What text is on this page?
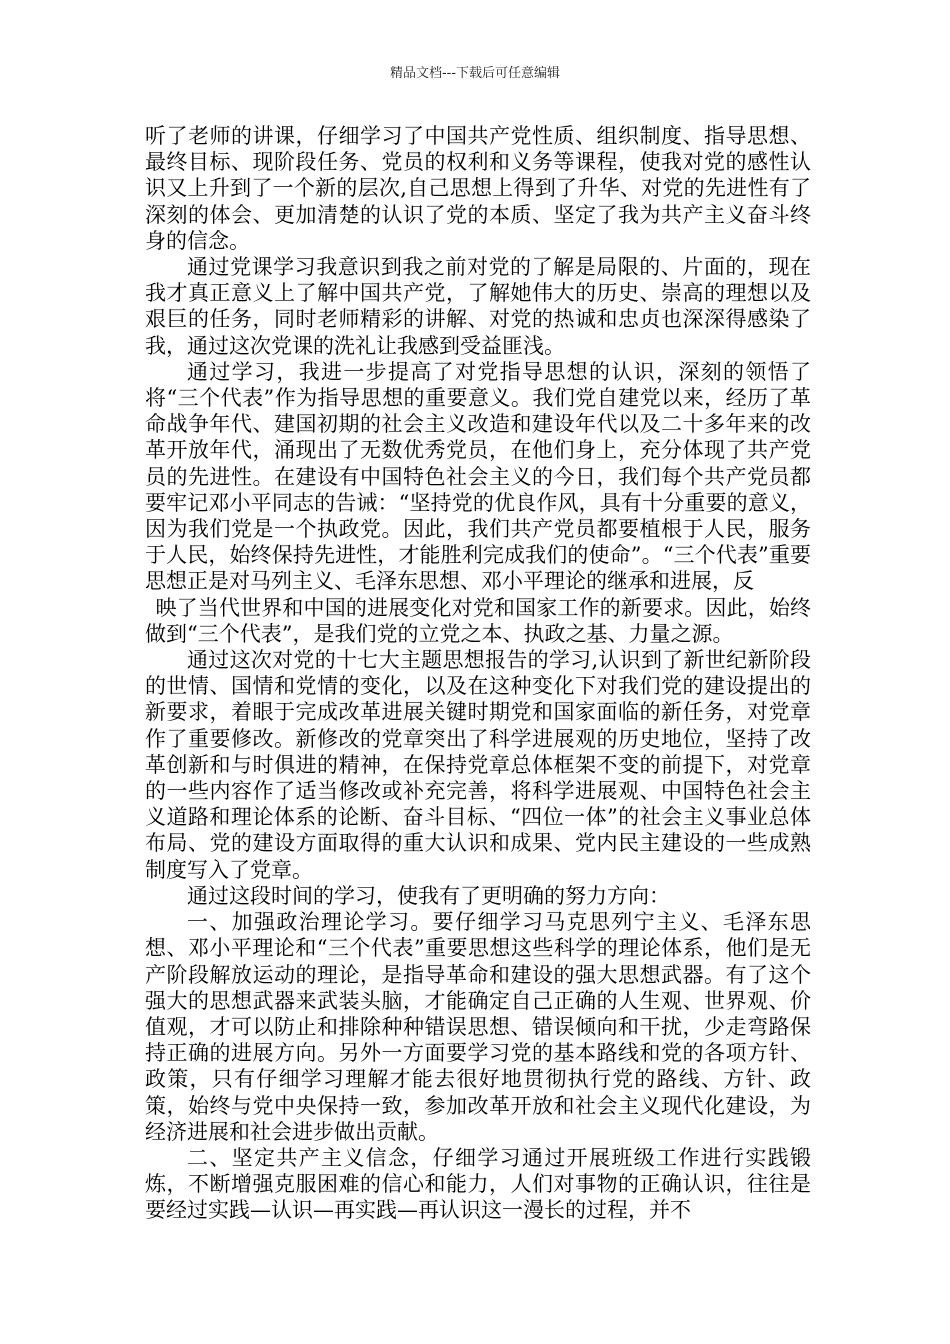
精品文档---下载后可任意编辑

听了老师的讲课，仔细学习了中国共产党性质、组织制度、指导思想、最终目标、现阶段任务、党员的权利和义务等课程，使我对党的感性认识又上升到了一个新的层次,自己思想上得到了升华、对党的先进性有了深刻的体会、更加清楚的认识了党的本质、坚定了我为共产主义奋斗终身的信念。

通过党课学习我意识到我之前对党的了解是局限的、片面的，现在我才真正意义上了解中国共产党，了解她伟大的历史、崇高的理想以及艰巨的任务，同时老师精彩的讲解、对党的热诚和忠贞也深深得感染了我，通过这次党课的洗礼让我感到受益匪浅。

通过学习，我进一步提高了对党指导思想的认识，深刻的领悟了将“三个代表”作为指导思想的重要意义。我们党自建党以来，经历了革命战争年代、建国初期的社会主义改造和建设年代以及二十多年来的改革开放年代，涌现出了无数优秀党员，在他们身上，充分体现了共产党员的先进性。在建设有中国特色社会主义的今日，我们每个共产党员都要牢记邓小平同志的告诫：“坚持党的优良作风，具有十分重要的意义，因为我们党是一个执政党。因此，我们共产党员都要植根于人民，服务于人民，始终保持先进性，才能胜利完成我们的使命”。“三个代表”重要思想正是对马列主义、毛泽东思想、邓小平理论的继承和进展，反

映了当代世界和中国的进展变化对党和国家工作的新要求。因此，始终做到“三个代表”，是我们党的立党之本、执政之基、力量之源。

通过这次对党的十七大主题思想报告的学习,认识到了新世纪新阶段的世情、国情和党情的变化，以及在这种变化下对我们党的建设提出的新要求，着眼于完成改革进展关键时期党和国家面临的新任务，对党章作了重要修改。新修改的党章突出了科学进展观的历史地位，坚持了改革创新和与时俱进的精神，在保持党章总体框架不变的前提下，对党章的一些内容作了适当修改或补充完善，将科学进展观、中国特色社会主义道路和理论体系的论断、奋斗目标、“四位一体”的社会主义事业总体布局、党的建设方面取得的重大认识和成果、党内民主建设的一些成熟制度写入了党章。

通过这段时间的学习，使我有了更明确的努力方向：

一、加强政治理论学习。要仔细学习马克思列宁主义、毛泽东思想、邓小平理论和“三个代表”重要思想这些科学的理论体系，他们是无产阶段解放运动的理论，是指导革命和建设的强大思想武器。有了这个强大的思想武器来武装头脑，才能确定自己正确的人生观、世界观、价值观，才可以防止和排除种种错误思想、错误倾向和干扰，少走弯路保持正确的进展方向。另外一方面要学习党的基本路线和党的各项方针、政策，只有仔细学习理解才能去很好地贯彻执行党的路线、方针、政策，始终与党中央保持一致，参加改革开放和社会主义现代化建设，为经济进展和社会进步做出贡献。

二、坚定共产主义信念，仔细学习通过开展班级工作进行实践锻炼，不断增强克服困难的信心和能力，人们对事物的正确认识，往往是要经过实践—认识—再实践—再认识这一漫长的过程，并不
